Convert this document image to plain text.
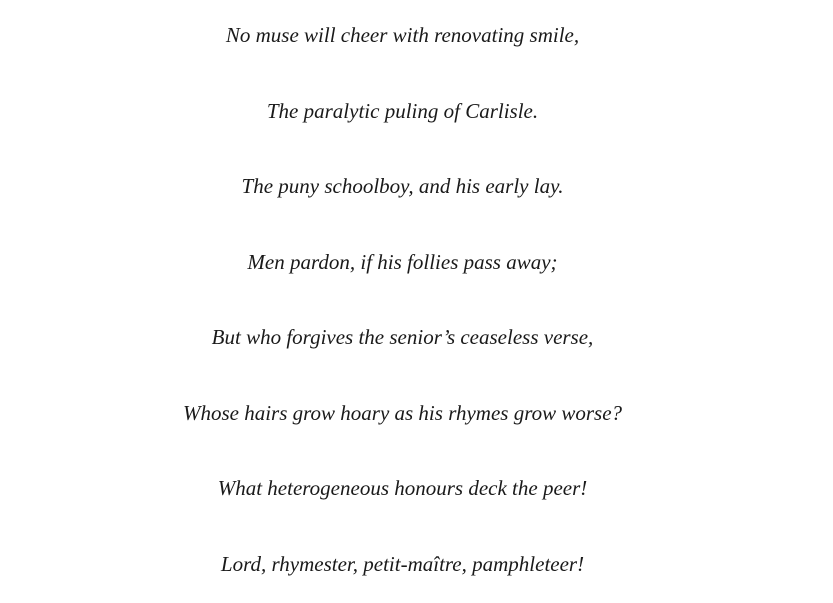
No muse will cheer with renovating smile,
The paralytic puling of Carlisle.
The puny schoolboy, and his early lay.
Men pardon, if his follies pass away;
But who forgives the senior’s ceaseless verse,
Whose hairs grow hoary as his rhymes grow worse?
What heterogeneous honours deck the peer!
Lord, rhymester, petit-maître, pamphleteer!
